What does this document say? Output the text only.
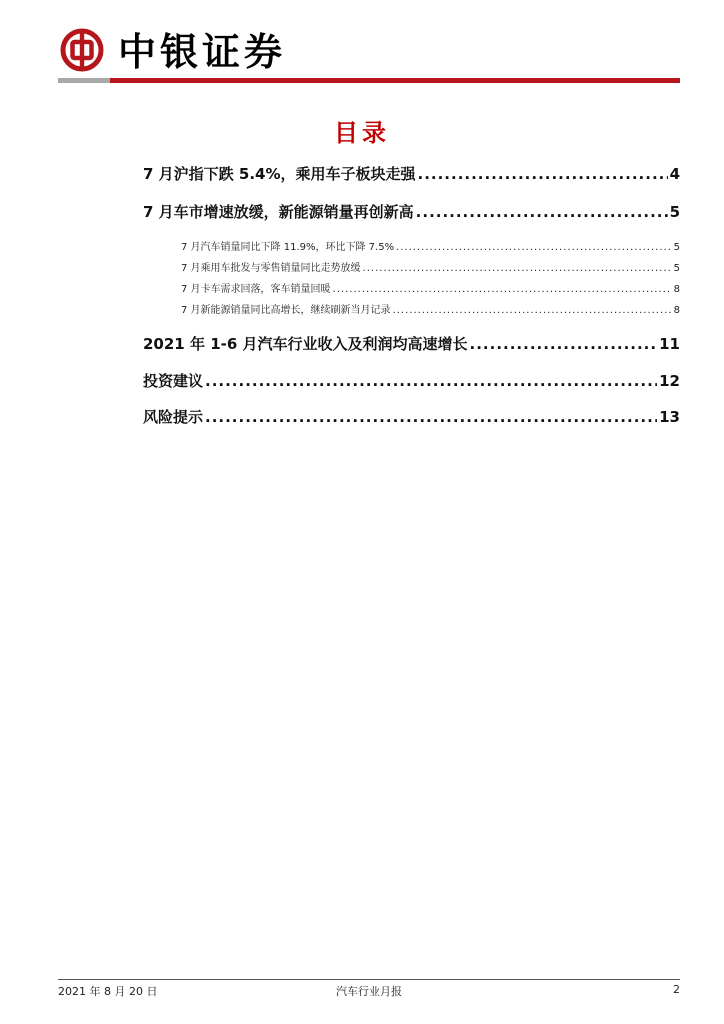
中银证券
目录
7 月沪指下跌 5.4%，乘用车子板块走强 .....	4
7 月车市增速放缓，新能源销量再创新高 .....	5
7 月汽车销量同比下降 11.9%，环比下降 7.5% .....	5
7 月乘用车批发与零售销量同比走势放缓 .....	5
7 月卡车需求回落，客车销量回暖 .....	8
7 月新能源销量同比高增长，继续刷新当月记录 .....	8
2021 年 1-6 月汽车行业收入及利润均高速增长 .....	11
投资建议 .....	12
风险提示 .....	13
2021 年 8 月 20 日	汽车行业月报	2
